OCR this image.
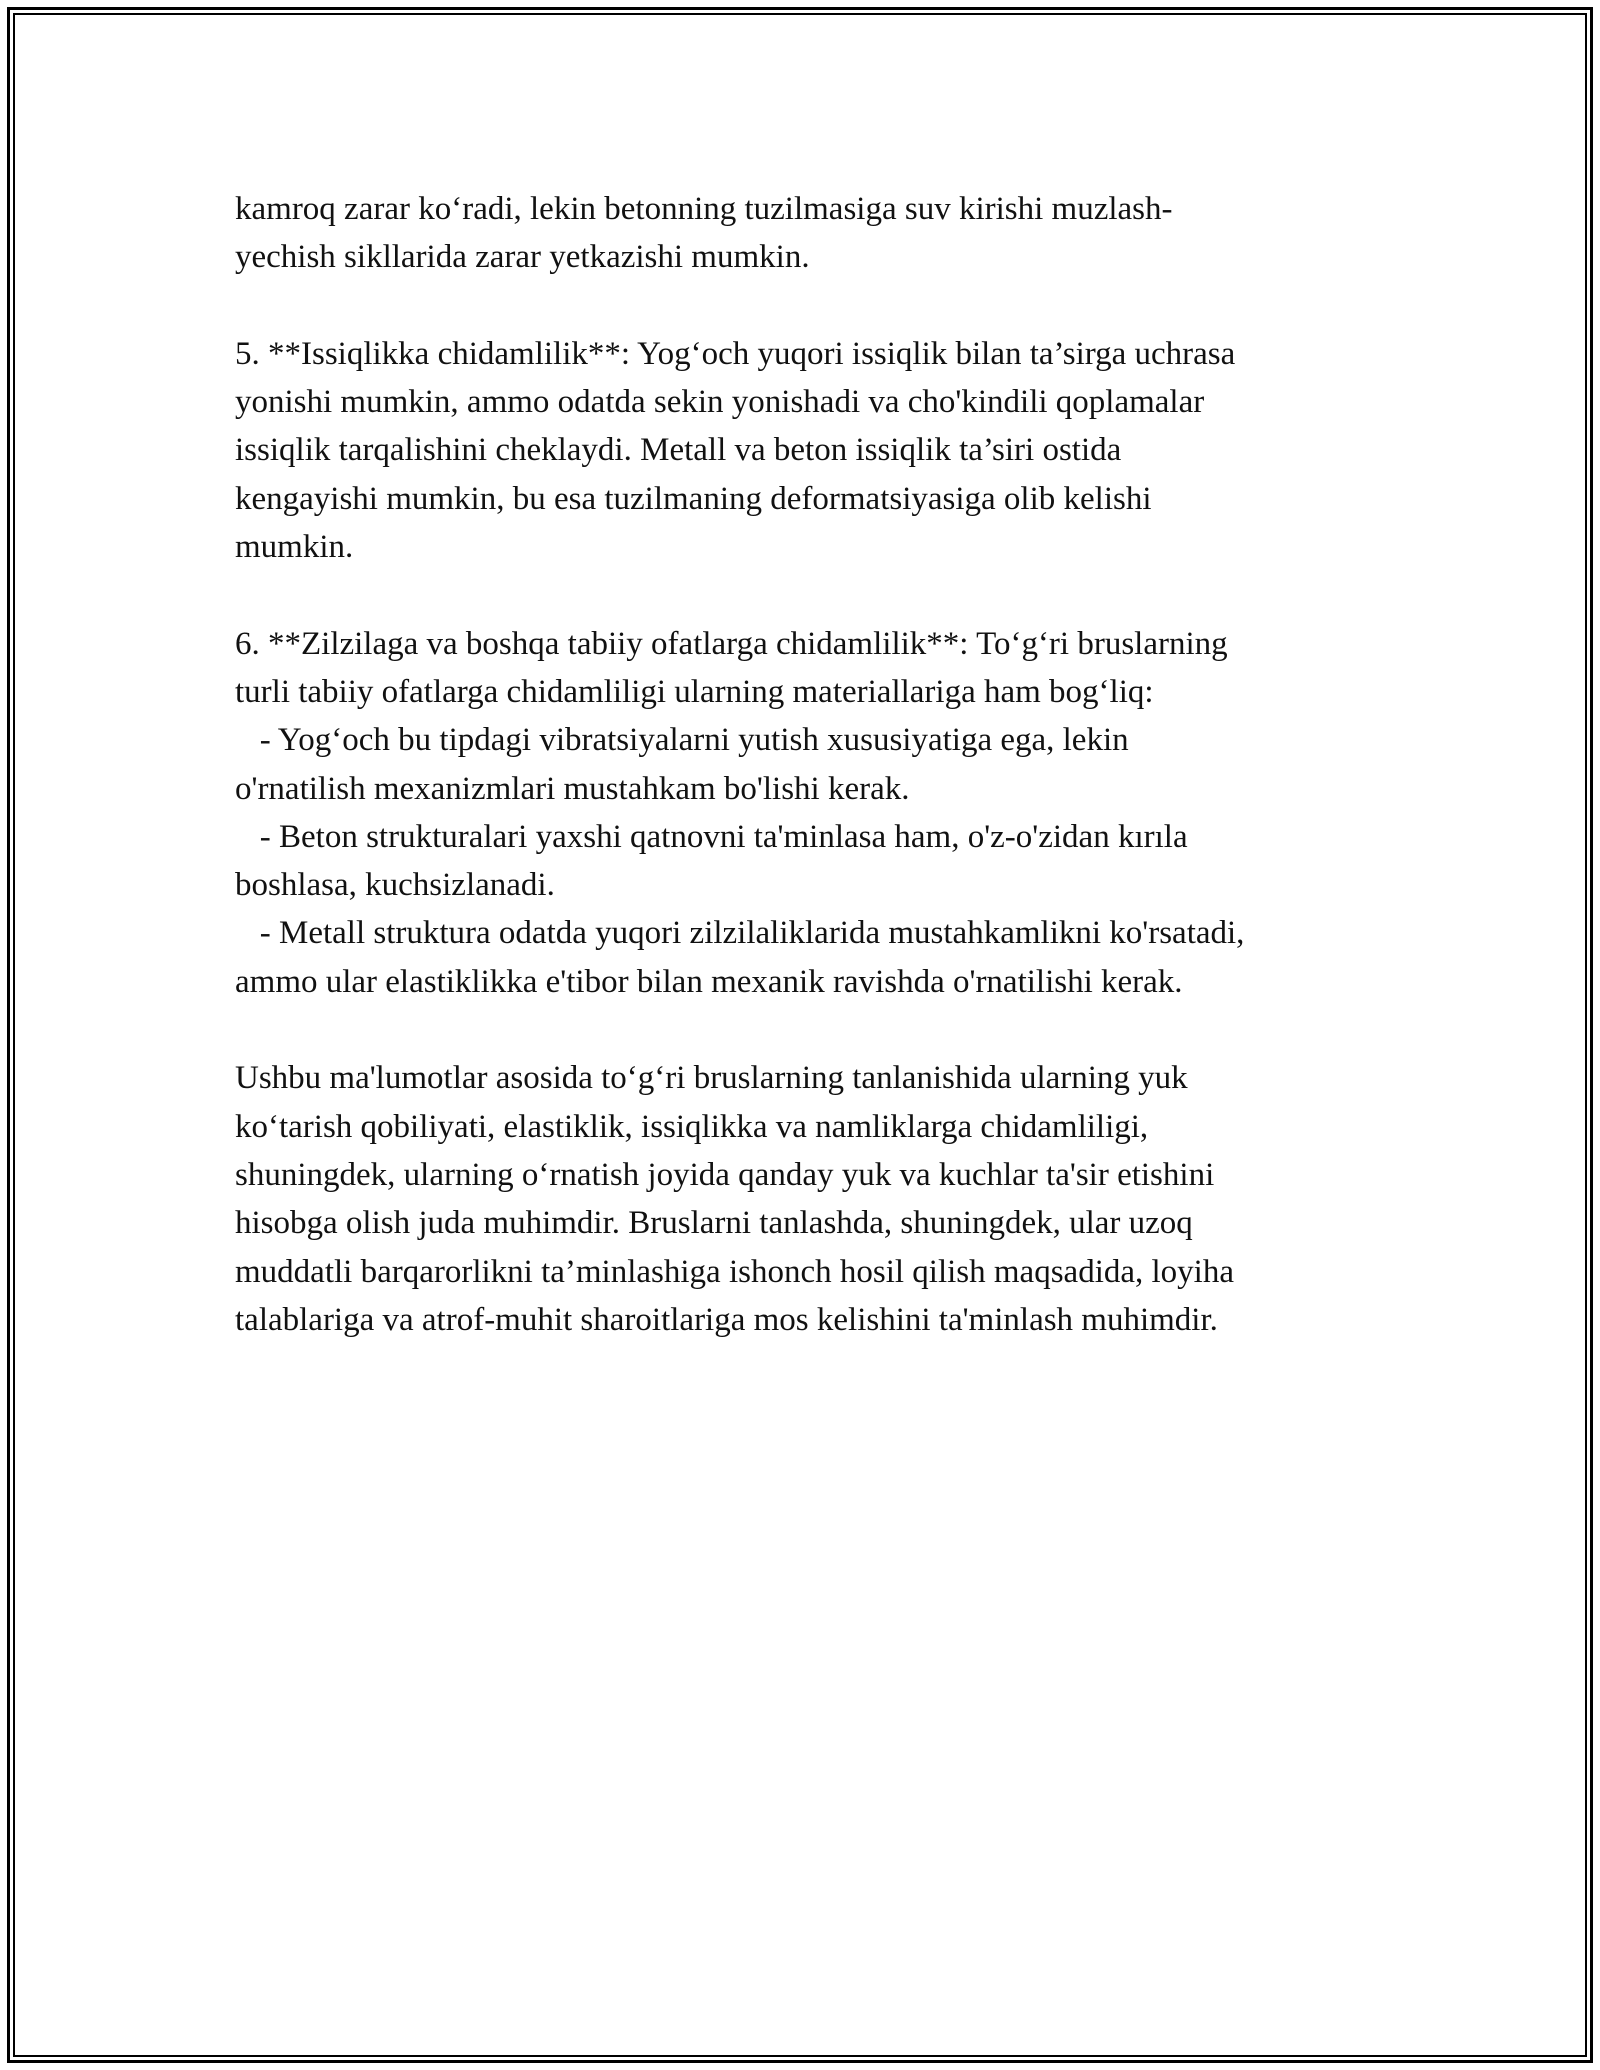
kamroq zarar ko‘radi, lekin betonning tuzilmasiga suv kirishi muzlash-
yechish sikllarida zarar yetkazishi mumkin.
5. **Issiqlikka chidamlilik**: Yog‘och yuqori issiqlik bilan ta’sirga uchrasa
yonishi mumkin, ammo odatda sekin yonishadi va cho'kindili qoplamalar
issiqlik tarqalishini cheklaydi. Metall va beton issiqlik ta’siri ostida
kengayishi mumkin, bu esa tuzilmaning deformatsiyasiga olib kelishi
mumkin.
6. **Zilzilaga va boshqa tabiiy ofatlarga chidamlilik**: To‘g‘ri bruslarning
turli tabiiy ofatlarga chidamliligi ularning materiallariga ham bog‘liq:
- Yog‘och bu tipdagi vibratsiyalarni yutish xususiyatiga ega, lekin
o'rnatilish mexanizmlari mustahkam bo'lishi kerak.
- Beton strukturalari yaxshi qatnovni ta'minlasa ham, o'z-o'zidan kırıla
boshlasa, kuchsizlanadi.
- Metall struktura odatda yuqori zilzilaliklarida mustahkamlikni ko'rsatadi,
ammo ular elastiklikka e'tibor bilan mexanik ravishda o'rnatilishi kerak.
Ushbu ma'lumotlar asosida to‘g‘ri bruslarning tanlanishida ularning yuk
ko‘tarish qobiliyati, elastiklik, issiqlikka va namliklarga chidamliligi,
shuningdek, ularning o‘rnatish joyida qanday yuk va kuchlar ta'sir etishini
hisobga olish juda muhimdir. Bruslarni tanlashda, shuningdek, ular uzoq
muddatli barqarorlikni ta’minlashiga ishonch hosil qilish maqsadida, loyiha
talablariga va atrof-muhit sharoitlariga mos kelishini ta'minlash muhimdir.
